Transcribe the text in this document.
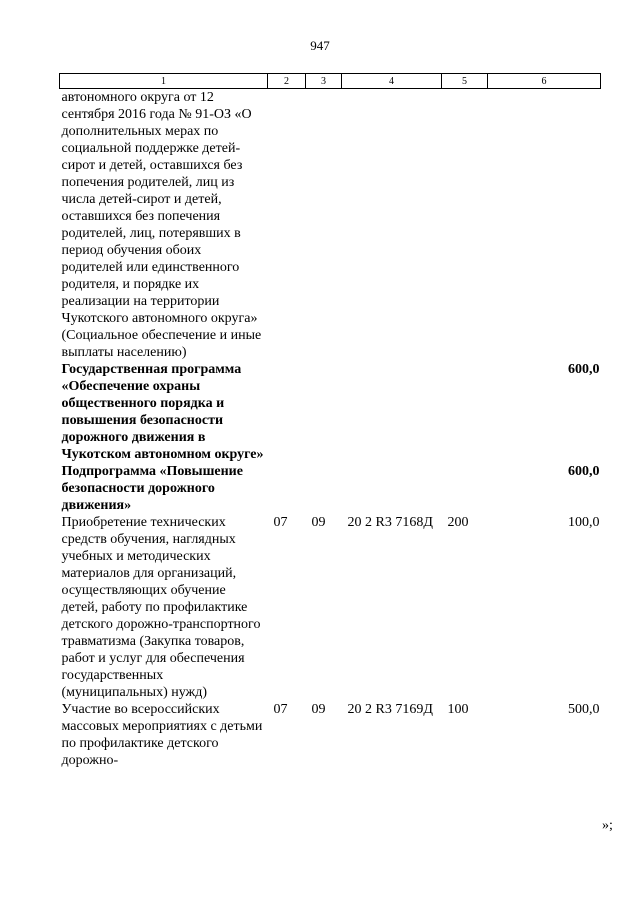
947
1	2	3	4	5	6
автономного округа от 12 сентября 2016 года № 91-ОЗ «О дополнительных мерах по социальной поддержке детей-сирот и детей, оставшихся без попечения родителей, лиц из числа детей-сирот и детей, оставшихся без попечения родителей, лиц, потерявших в период обучения обоих родителей или единственного родителя, и порядке их реализации на территории Чукотского автономного округа» (Социальное обеспечение и иные выплаты населению)					
Государственная программа «Обеспечение охраны общественного порядка и повышения безопасности дорожного движения в Чукотском автономном округе»					600,0
Подпрограмма «Повышение безопасности дорожного движения»					600,0
Приобретение технических средств обучения, наглядных учебных и методических материалов для организаций, осуществляющих обучение детей, работу по профилактике детского дорожно-транспортного травматизма (Закупка товаров, работ и услуг для обеспечения государственных (муниципальных) нужд)	07	09	20 2 R3 7168Д	200	100,0
Участие во всероссийских массовых мероприятиях с детьми по профилактике детского дорожно-	07	09	20 2 R3 7169Д	100	500,0
»;
